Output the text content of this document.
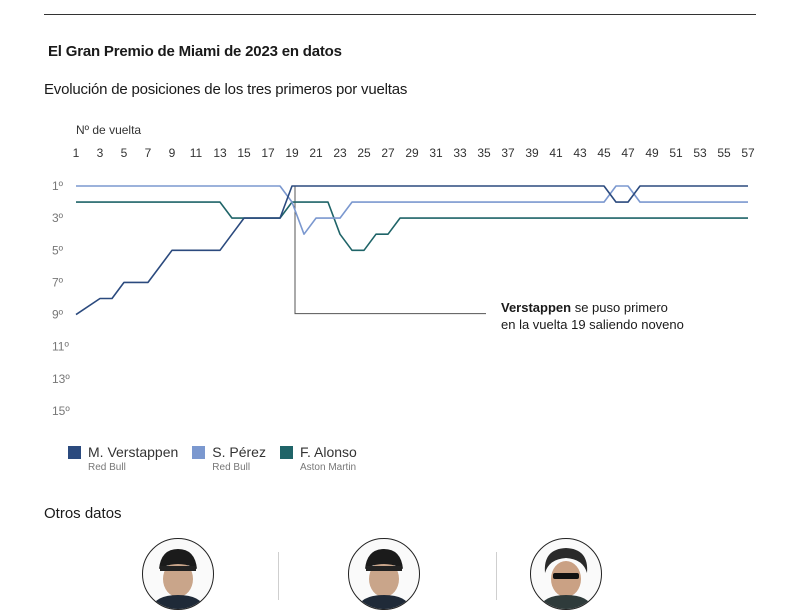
El Gran Premio de Miami de 2023 en datos
Evolución de posiciones de los tres primeros por vueltas
Nº de vuelta
1 3 5 7 9 11 13 15 17 19 21 23 25 27 29 31 33 35 37 39 41 43 45 47 49 51 53 55 57
1º
3º
5º
7º
9º
11º
13º
15º
Verstappen se puso primero
en la vuelta 19 saliendo noveno
M. Verstappen
Red Bull
S. Pérez
Red Bull
F. Alonso
Aston Martin
Otros datos
